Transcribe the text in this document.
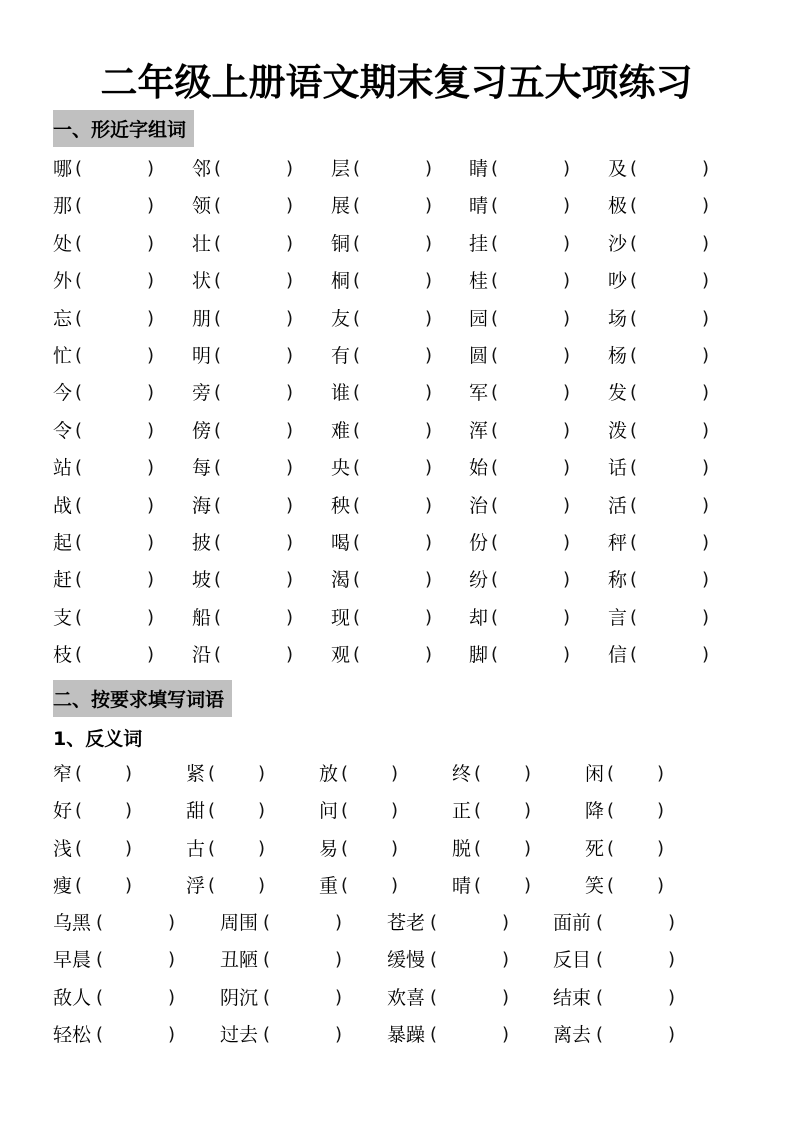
二年级上册语文期末复习五大项练习
一、形近字组词
哪 (	) 邻 (	) 层 (	) 睛 (	) 及 (	)
那 (	) 领 (	) 展 (	) 晴 (	) 极 (	)
处 (	) 壮 (	) 铜 (	) 挂 (	) 沙 (	)
外 (	) 状 (	) 桐 (	) 桂 (	) 吵 (	)
忘 (	) 朋 (	) 友 (	) 园 (	) 场 (	)
忙 (	) 明 (	) 有 (	) 圆 (	) 杨 (	)
今 (	) 旁 (	) 谁 (	) 军 (	) 发 (	)
令 (	) 傍 (	) 难 (	) 浑 (	) 泼 (	)
站 (	) 每 (	) 央 (	) 始 (	) 话 (	)
战 (	) 海 (	) 秧 (	) 治 (	) 活 (	)
起 (	) 披 (	) 喝 (	) 份 (	) 秤 (	)
赶 (	) 坡 (	) 渴 (	) 纷 (	) 称 (	)
支 (	) 船 (	) 现 (	) 却 (	) 言 (	)
枝 (	) 沿 (	) 观 (	) 脚 (	) 信 (	)
二、按要求填写词语
1、反义词
窄 ( )	紧 ( )	放 ( )	终 ( )	闲 ( )
好 ( )	甜 ( )	问 ( )	正 ( )	降 ( )
浅 ( )	古 ( )	易 ( )	脱 ( )	死 ( )
瘦 ( )	浮 ( )	重 ( )	晴 ( )	笑 ( )
乌黑 (	) 周围 (	) 苍老 (	) 面前 (	)
早晨 (	) 丑陋 (	) 缓慢 (	) 反目 (	)
敌人 (	) 阴沉 (	) 欢喜 (	) 结束 (	)
轻松 (	) 过去 (	) 暴躁 (	) 离去 (	)
